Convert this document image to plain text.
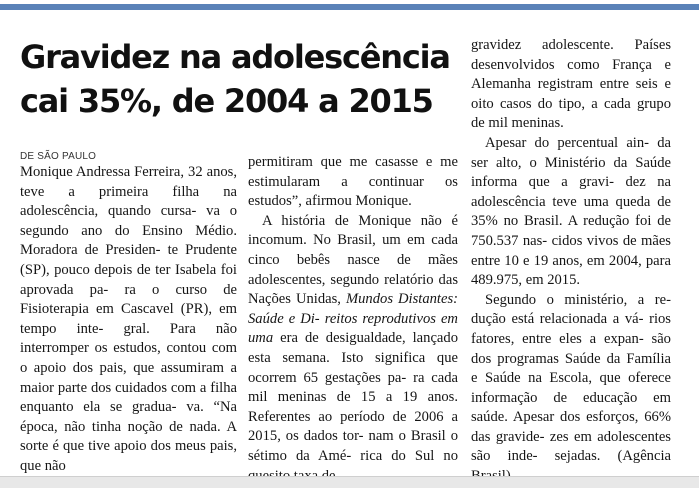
Gravidez na adolescência
cai 35%, de 2004 a 2015
DE SÃO PAULO

Monique Andressa Ferreira, 32 anos, teve a primeira filha na adolescência, quando cursa- va o segundo ano do Ensino Médio. Moradora de Presiden- te Prudente (SP), pouco depois de ter Isabela foi aprovada pa- ra o curso de Fisioterapia em Cascavel (PR), em tempo inte- gral. Para não interromper os estudos, contou com o apoio dos pais, que assumiram a maior parte dos cuidados com a filha enquanto ela se gradua- va. “Na época, não tinha noção de nada. A sorte é que tive apoio dos meus pais, que não

permitiram que me casasse e me estimularam a continuar os estudos”, afirmou Monique.

A história de Monique não é incomum. No Brasil, um em cada cinco bebês nasce de mães adolescentes, segundo relatório das Nações Unidas, Mundos Distantes: Saúde e Di- reitos reprodutivos em uma era de desigualdade, lançado esta semana. Isto significa que ocorrem 65 gestações pa- ra cada mil meninas de 15 a 19 anos. Referentes ao período de 2006 a 2015, os dados tor- nam o Brasil o sétimo da Amé- rica do Sul no

gravidez adolescente. Países desenvolvidos como França e Alemanha registram entre seis e oito casos do tipo, a cada grupo de mil meninas.

Apesar do percentual ain- da ser alto, o Ministério da Saúde informa que a gravi- dez na adolescência teve uma queda de 35% no Brasil. A redução foi de 750.537 nas- cidos vivos de mães entre 10 e 19 anos, em 2004, para 489.975, em 2015.

Segundo o ministério, a re- dução está relacionada a vá- rios fatores, entre eles a expan- são dos programas Saúde da Família e Saúde na Escola, que oferece informação de educação em saúde. Apesar dos esforços, 66% das gravide- zes em adolescentes são inde- sejadas. (Agência
